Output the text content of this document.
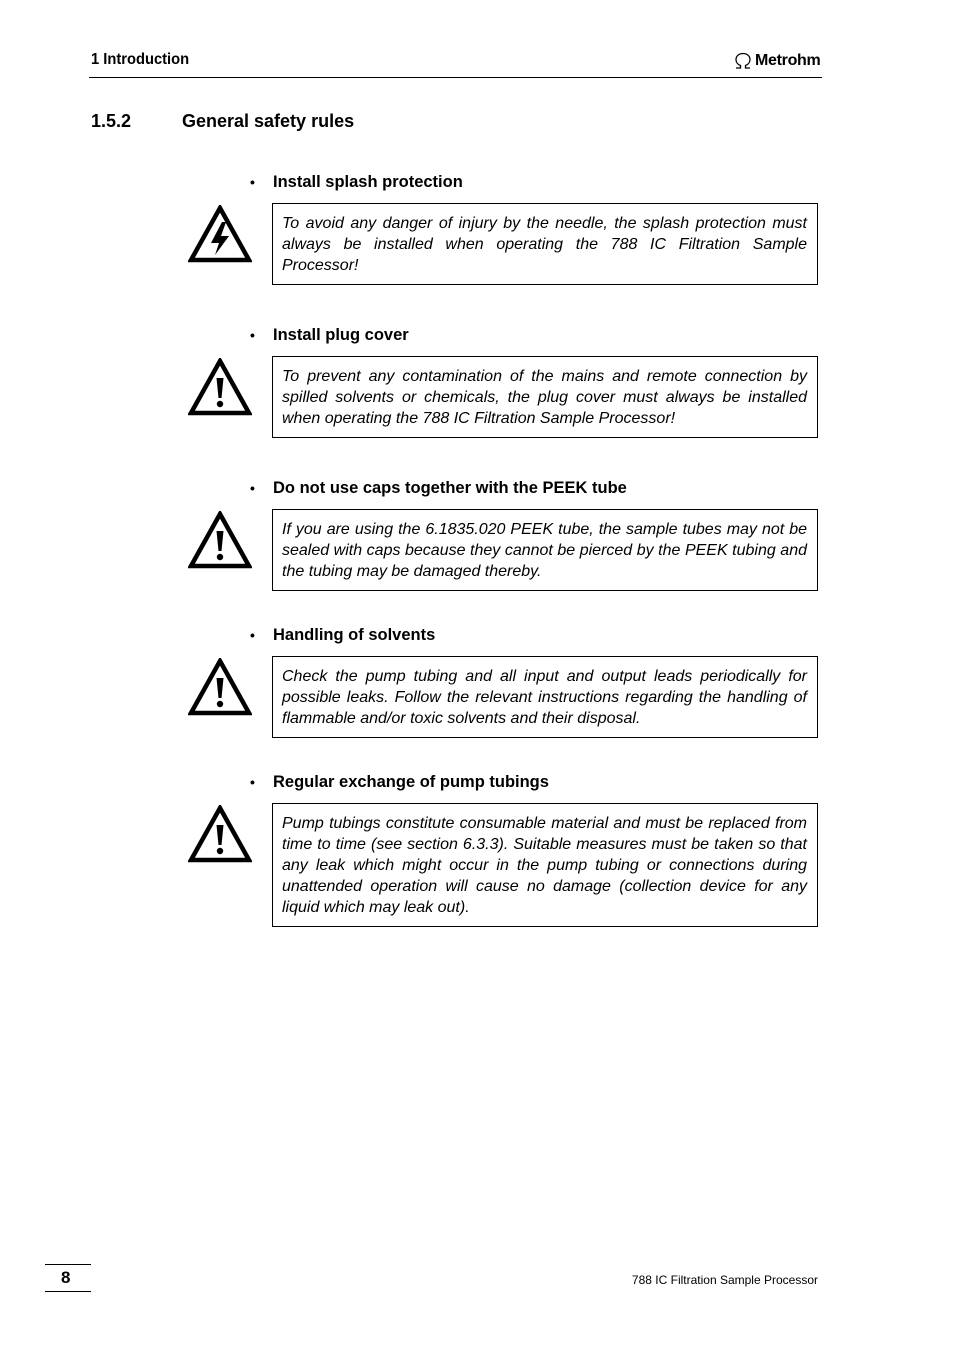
1 Introduction	Metrohm
1.5.2	General safety rules
•	Install splash protection
To avoid any danger of injury by the needle, the splash protection must always be installed when operating the 788 IC Filtration Sample Processor!
•	Install plug cover
To prevent any contamination of the mains and remote connection by spilled solvents or chemicals, the plug cover must always be installed when operating the 788 IC Filtration Sample Processor!
•	Do not use caps together with the PEEK tube
If you are using the 6.1835.020 PEEK tube, the sample tubes may not be sealed with caps because they cannot be pierced by the PEEK tubing and the tubing may be damaged thereby.
•	Handling of solvents
Check the pump tubing and all input and output leads periodically for possible leaks. Follow the relevant instructions regarding the handling of flammable and/or toxic solvents and their disposal.
•	Regular exchange of pump tubings
Pump tubings constitute consumable material and must be replaced from time to time (see section 6.3.3). Suitable measures must be taken so that any leak which might occur in the pump tubing or connections during unattended operation will cause no damage (collection device for any liquid which may leak out).
8	788 IC Filtration Sample Processor
